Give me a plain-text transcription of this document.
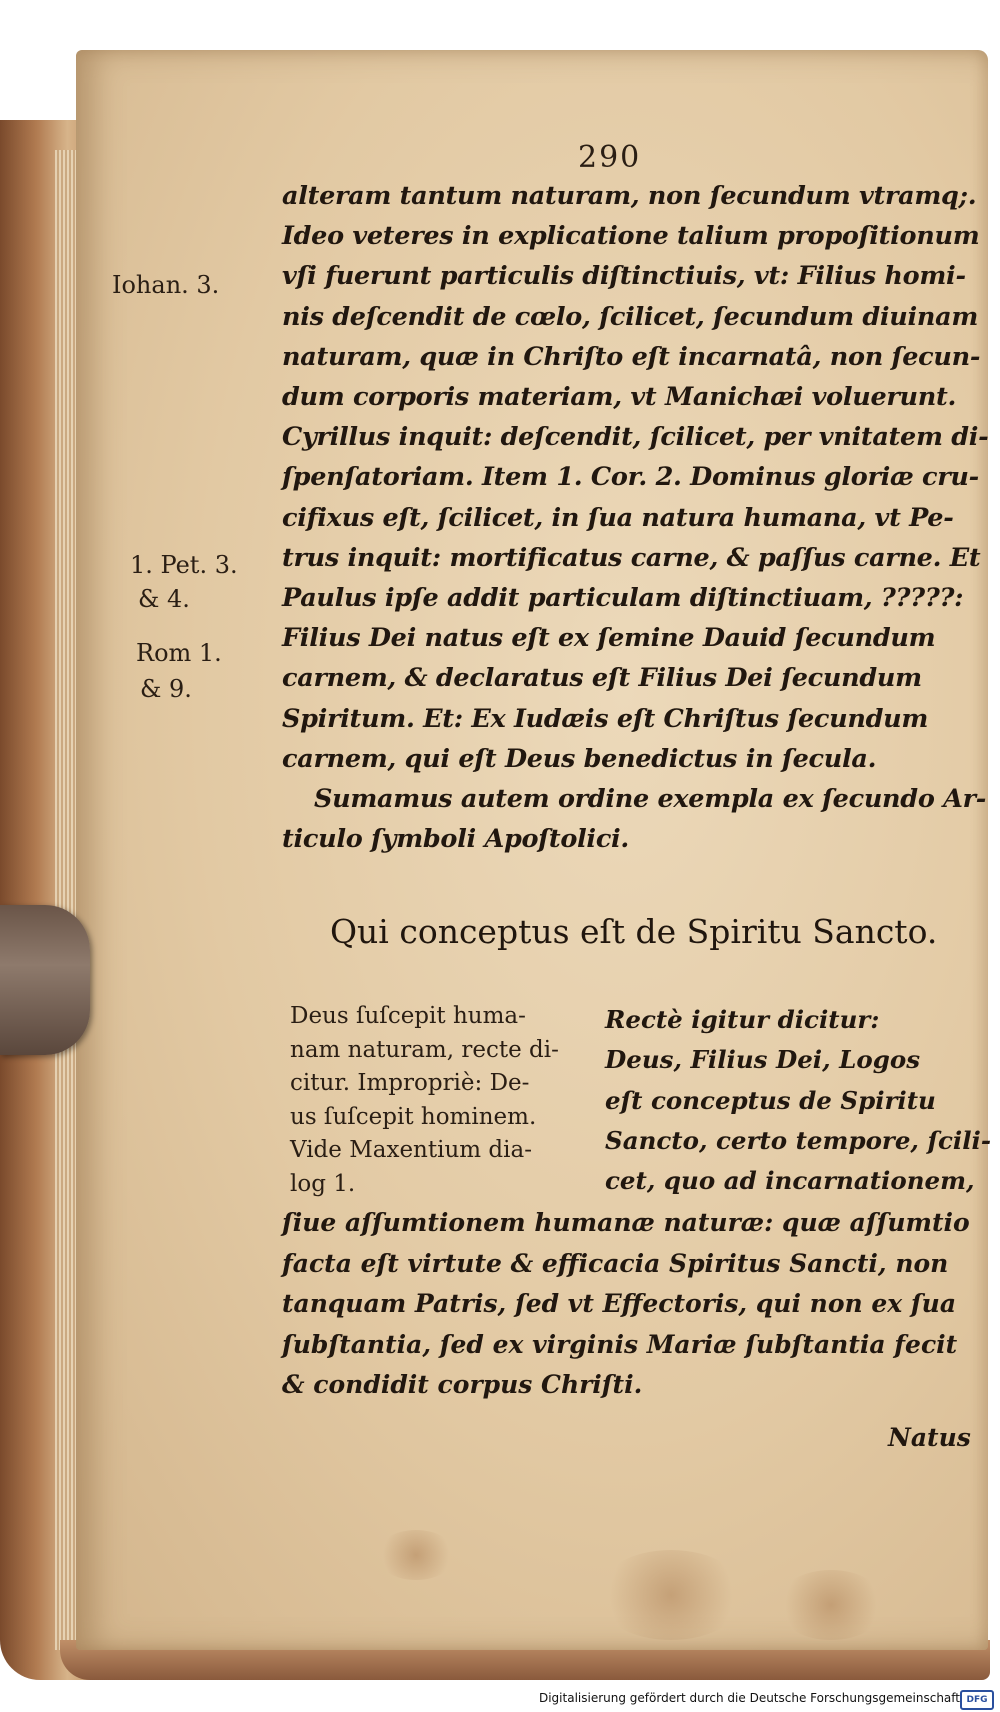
290
alteram tantum naturam, non ſecundum vtramq;.
Ideo veteres in explicatione talium propoſitionum
vſi fuerunt particulis diſtinctiuis, vt: Filius homi-
nis deſcendit de cœlo, ſcilicet, ſecundum diuinam
naturam, quæ in Chriſto eſt incarnatâ, non ſecun-
dum corporis materiam, vt Manichæi voluerunt.
Cyrillus inquit: deſcendit, ſcilicet, per vnitatem di-
ſpenſatoriam. Item 1. Cor. 2. Dominus gloriæ cru-
cifixus eſt, ſcilicet, in ſua natura humana, vt Pe-
trus inquit: mortificatus carne, & paſſus carne. Et
Paulus ipſe addit particulam diſtinctiuam, ?????:
Filius Dei natus eſt ex ſemine Dauid ſecundum
carnem, & declaratus eſt Filius Dei ſecundum
Spiritum. Et: Ex Iudæis eſt Chriſtus ſecundum
carnem, qui eſt Deus benedictus in ſecula.
Sumamus autem ordine exempla ex ſecundo Ar-
ticulo ſymboli Apoſtolici.
Iohan. 3.
1. Pet. 3.
& 4.
Rom 1.
& 9.
Qui conceptus eſt de Spiritu Sancto.
Deus ſuſcepit huma-
nam naturam, recte di-
citur. Impropriè: De-
us ſuſcepit hominem.
Vide Maxentium dia-
log 1.
Rectè igitur dicitur:
Deus, Filius Dei, Logos
eſt conceptus de Spiritu
Sancto, certo tempore, ſcili-
cet, quo ad incarnationem,
ſiue aſſumtionem humanæ naturæ: quæ aſſumtio
facta eſt virtute & efficacia Spiritus Sancti, non
tanquam Patris, ſed vt Effectoris, qui non ex ſua
ſubſtantia, ſed ex virginis Mariæ ſubſtantia fecit
& condidit corpus Chriſti.
Natus
Digitalisierung gefördert durch die Deutsche Forschungsgemeinschaft DFG
